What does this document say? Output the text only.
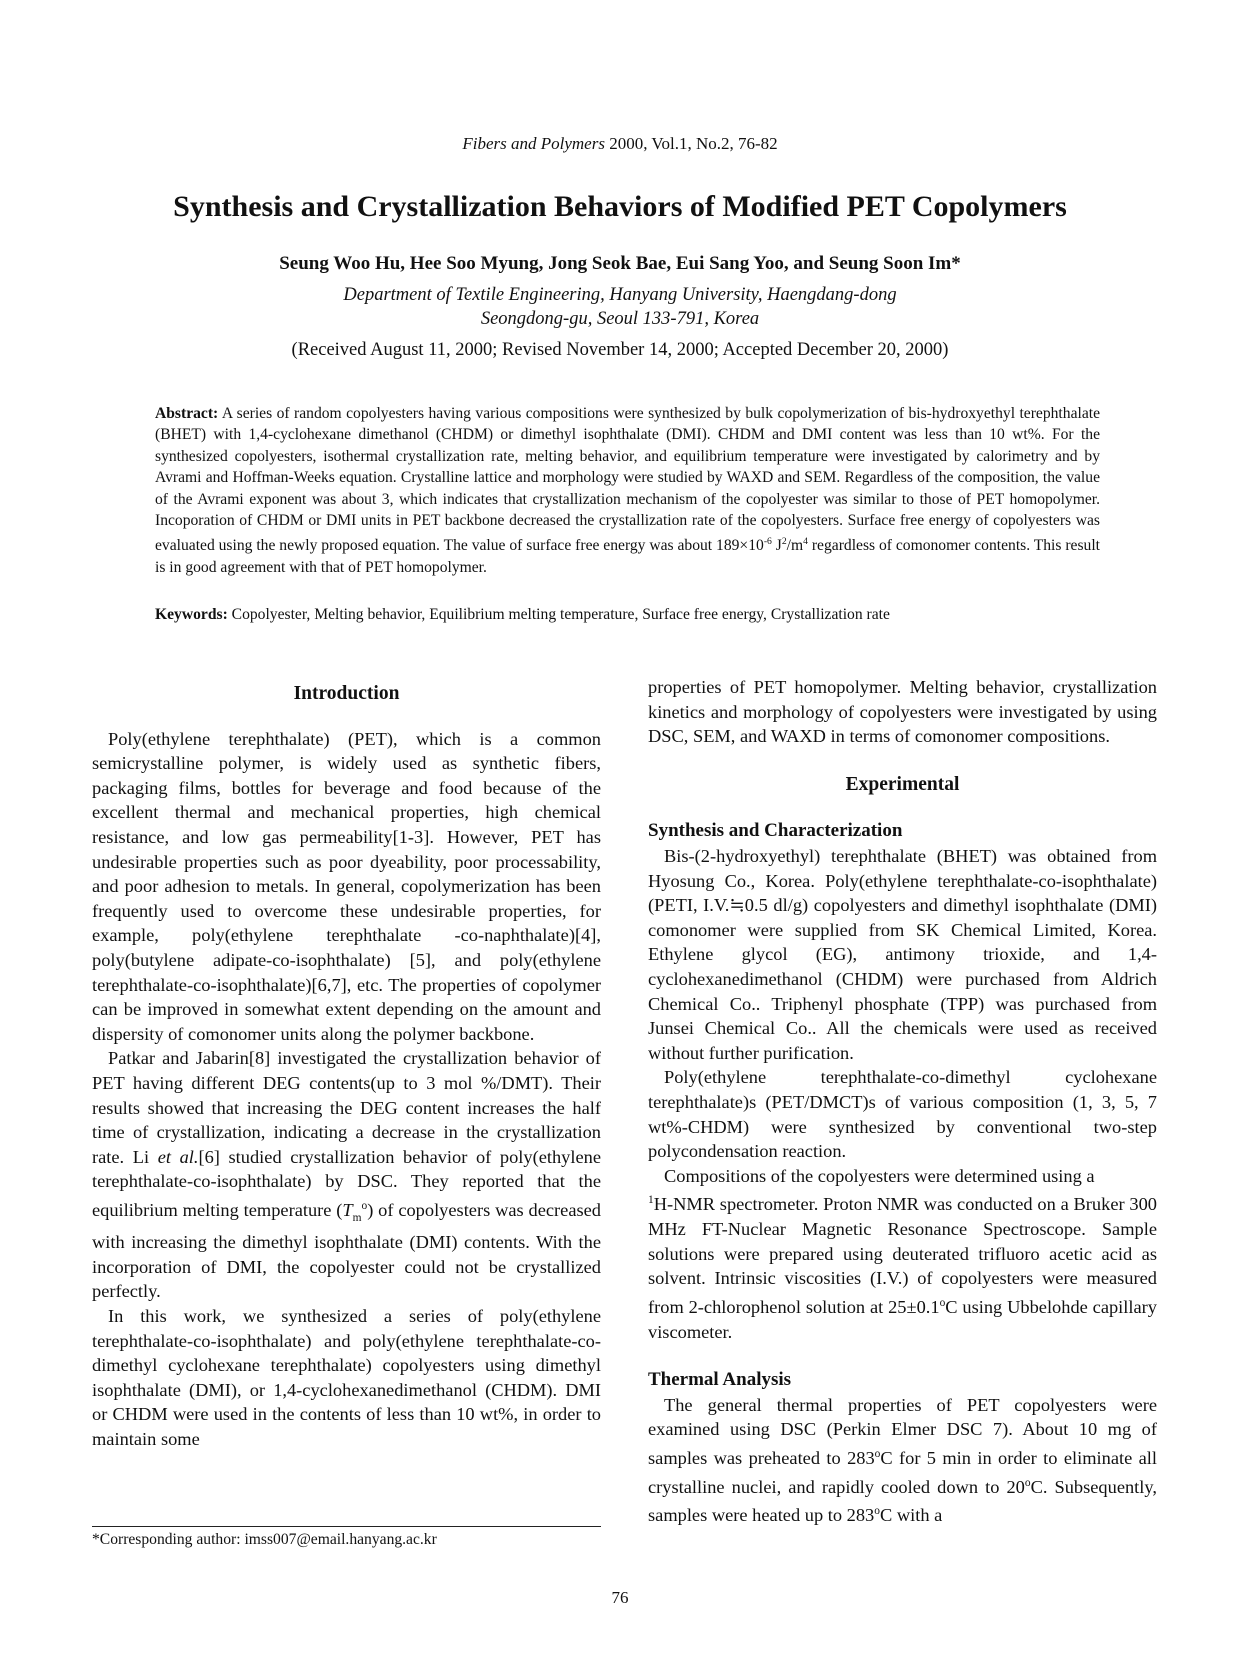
Fibers and Polymers 2000, Vol.1, No.2, 76-82
Synthesis and Crystallization Behaviors of Modified PET Copolymers
Seung Woo Hu, Hee Soo Myung, Jong Seok Bae, Eui Sang Yoo, and Seung Soon Im*
Department of Textile Engineering, Hanyang University, Haengdang-dong
Seongdong-gu, Seoul 133-791, Korea
(Received August 11, 2000; Revised November 14, 2000; Accepted December 20, 2000)
Abstract: A series of random copolyesters having various compositions were synthesized by bulk copolymerization of bis-hydroxyethyl terephthalate (BHET) with 1,4-cyclohexane dimethanol (CHDM) or dimethyl isophthalate (DMI). CHDM and DMI content was less than 10 wt%. For the synthesized copolyesters, isothermal crystallization rate, melting behavior, and equilibrium temperature were investigated by calorimetry and by Avrami and Hoffman-Weeks equation. Crystalline lattice and morphology were studied by WAXD and SEM. Regardless of the composition, the value of the Avrami exponent was about 3, which indicates that crystallization mechanism of the copolyester was similar to those of PET homopolymer. Incoporation of CHDM or DMI units in PET backbone decreased the crystallization rate of the copolyesters. Surface free energy of copolyesters was evaluated using the newly proposed equation. The value of surface free energy was about $189\times 10^{-6}$ $J^2/m^4$ regardless of comonomer contents. This result is in good agreement with that of PET homopolymer.
Keywords: Copolyester, Melting behavior, Equilibrium melting temperature, Surface free energy, Crystallization rate
Introduction

Poly(ethylene terephthalate) (PET), which is a common semicrystalline polymer, is widely used as synthetic fibers, packaging films, bottles for beverage and food because of the excellent thermal and mechanical properties, high chemical resistance, and low gas permeability[1-3]. However, PET has undesirable properties such as poor dyeability, poor processability, and poor adhesion to metals. In general, copolymerization has been frequently used to overcome these undesirable properties, for example, poly(ethylene terephthalate -co-naphthalate)[4], poly(butylene adipate-co-isophthalate) [5], and poly(ethylene terephthalate-co-isophthalate)[6,7], etc. The properties of copolymer can be improved in somewhat extent depending on the amount and dispersity of comonomer units along the polymer backbone.

Patkar and Jabarin[8] investigated the crystallization behavior of PET having different DEG contents(up to 3 mol %/DMT). Their results showed that increasing the DEG content increases the half time of crystallization, indicating a decrease in the crystallization rate. Li et al.[6] studied crystallization behavior of poly(ethylene terephthalate-co-isophthalate) by DSC. They reported that the equilibrium melting temperature $(T_m^o)$ of copolyesters was decreased with increasing the dimethyl isophthalate (DMI) contents. With the incorporation of DMI, the copolyester could not be crystallized perfectly.

In this work, we synthesized a series of poly(ethylene terephthalate-co-isophthalate) and poly(ethylene terephthalate-co-dimethyl cyclohexane terephthalate) copolyesters using dimethyl isophthalate (DMI), or 1,4-cyclohexanedimethanol (CHDM). DMI or CHDM were used in the contents of less than 10 wt%, in order to maintain some

*Corresponding author: imss007@email.hanyang.ac.kr

properties of PET homopolymer. Melting behavior, crystallization kinetics and morphology of copolyesters were investigated by using DSC, SEM, and WAXD in terms of comonomer compositions.

Experimental
Synthesis and Characterization

Bis-(2-hydroxyethyl) terephthalate (BHET) was obtained from Hyosung Co., Korea. Poly(ethylene terephthalate-co-isophthalate) (PETI, I.V.≒0.5 dl/g) copolyesters and dimethyl isophthalate (DMI) comonomer were supplied from SK Chemical Limited, Korea. Ethylene glycol (EG), antimony trioxide, and 1,4-cyclohexanedimethanol (CHDM) were purchased from Aldrich Chemical Co.. Triphenyl phosphate (TPP) was purchased from Junsei Chemical Co.. All the chemicals were used as received without further purification.

Poly(ethylene terephthalate-co-dimethyl cyclohexane terephthalate)s (PET/DMCT)s of various composition (1, 3, 5, 7 wt%-CHDM) were synthesized by conventional two-step polycondensation reaction.

Compositions of the copolyesters were determined using a
$^1$H-NMR spectrometer. Proton NMR was conducted on a Bruker 300 MHz FT-Nuclear Magnetic Resonance Spectroscope. Sample solutions were prepared using deuterated trifluoro acetic acid as solvent. Intrinsic viscosities (I.V.) of copolyesters were measured from 2-chlorophenol solution at $25\pm 0.1^oC$ using Ubbelohde capillary viscometer.

Thermal Analysis

The general thermal properties of PET copolyesters were examined using DSC (Perkin Elmer DSC 7). About 10 mg of samples was preheated to 283$^o$C for 5 min in order to eliminate all crystalline nuclei, and rapidly cooled down to 20$^o$C. Subsequently, samples were heated up to 283$^o$C with a

76
